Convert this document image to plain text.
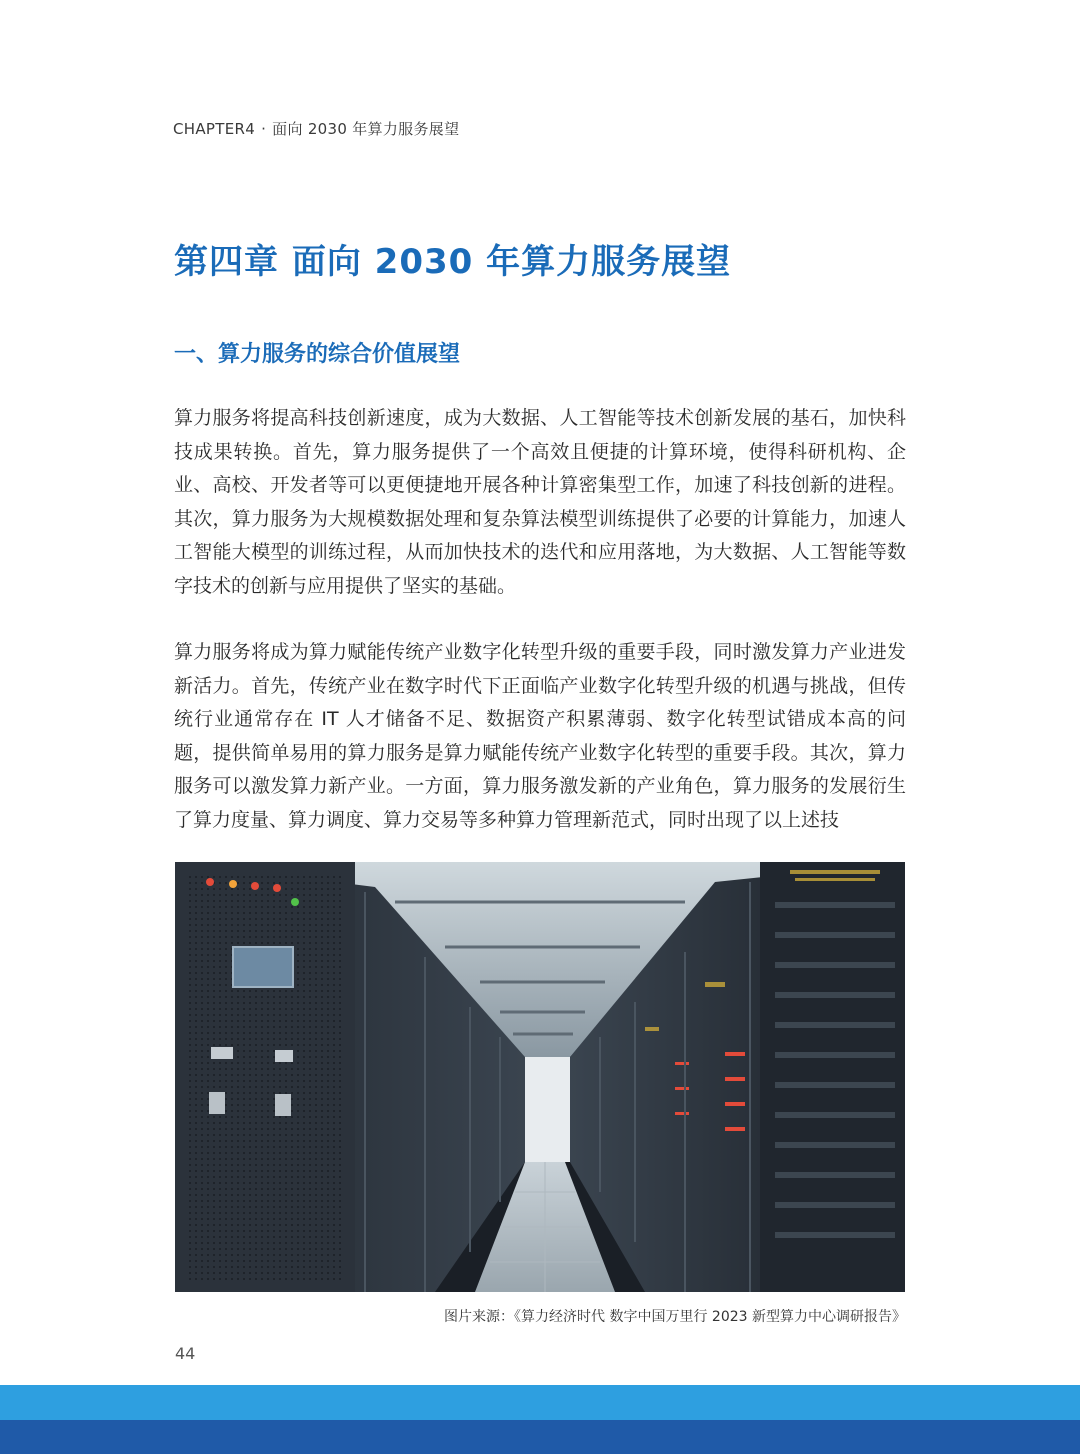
CHAPTER4 · 面向 2030 年算力服务展望
第四章 面向 2030 年算力服务展望
一、算力服务的综合价值展望

算力服务将提高科技创新速度，成为大数据、人工智能等技术创新发展的基石，加快科技成果转换。首先，算力服务提供了一个高效且便捷的计算环境，使得科研机构、企业、高校、开发者等可以更便捷地开展各种计算密集型工作，加速了科技创新的进程。其次，算力服务为大规模数据处理和复杂算法模型训练提供了必要的计算能力，加速人工智能大模型的训练过程，从而加快技术的迭代和应用落地，为大数据、人工智能等数字技术的创新与应用提供了坚实的基础。

算力服务将成为算力赋能传统产业数字化转型升级的重要手段，同时激发算力产业进发新活力。首先，传统产业在数字时代下正面临产业数字化转型升级的机遇与挑战，但传统行业通常存在 IT 人才储备不足、数据资产积累薄弱、数字化转型试错成本高的问题，提供简单易用的算力服务是算力赋能传统产业数字化转型的重要手段。其次，算力服务可以激发算力新产业。一方面，算力服务激发新的产业角色，算力服务的发展衍生了算力度量、算力调度、算力交易等多种算力管理新范式，同时出现了以上述技

图片来源：《算力经济时代 数字中国万里行 2023 新型算力中心调研报告》
44
